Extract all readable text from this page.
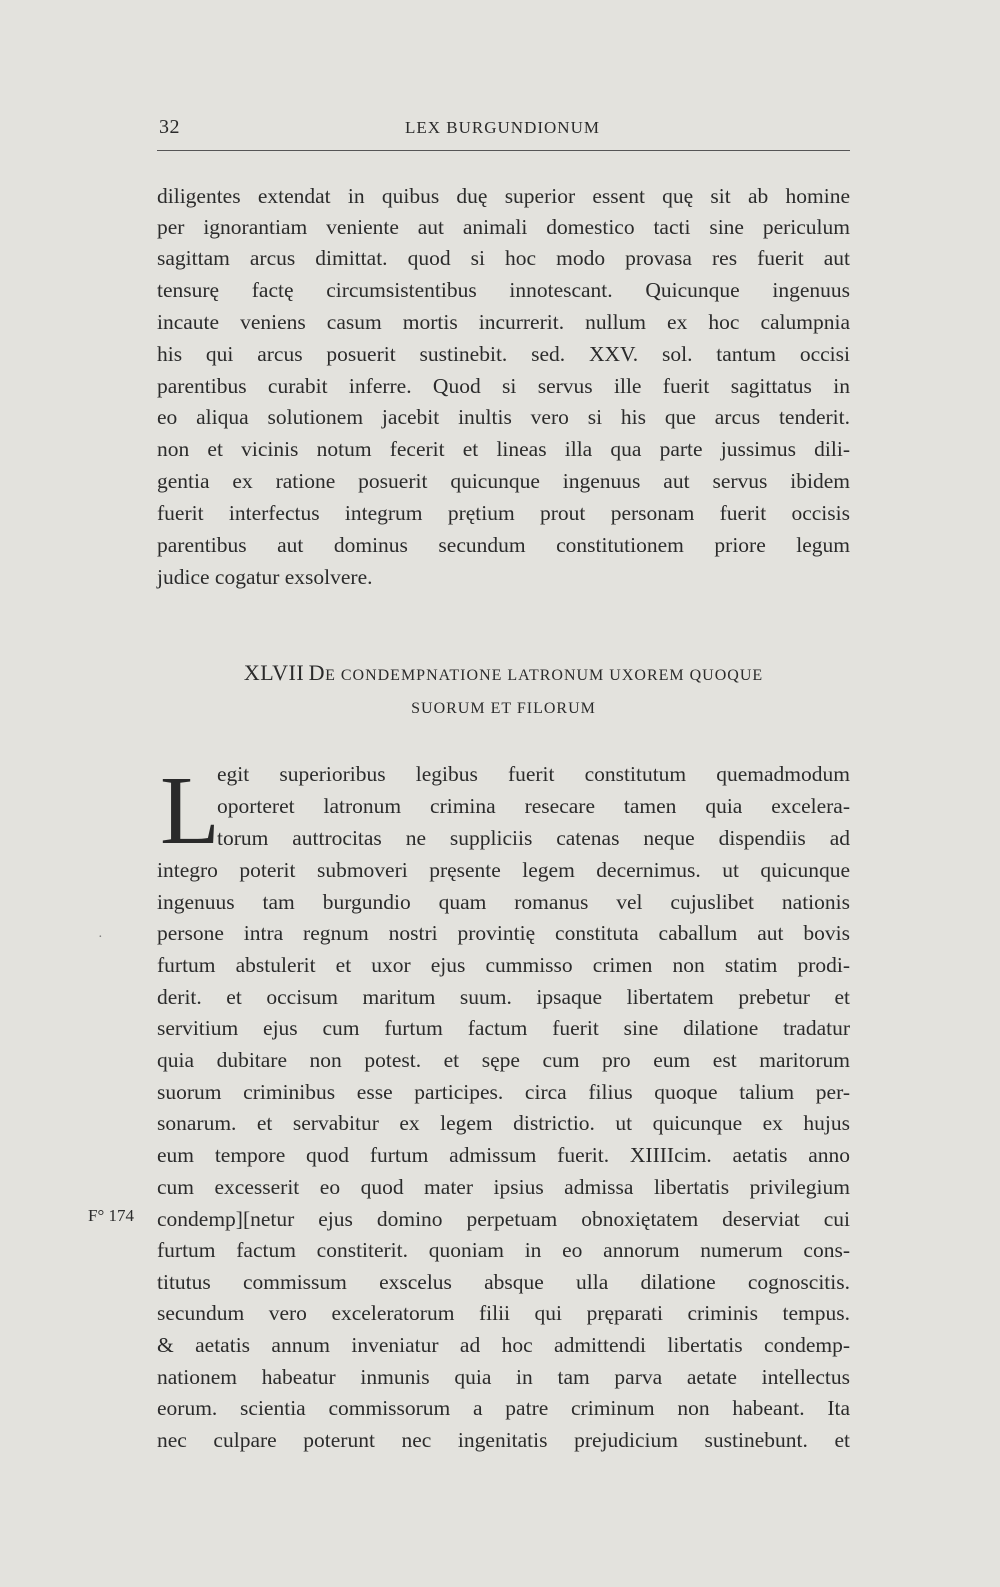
32	LEX BURGUNDIONUM
diligentes extendat in quibus duę superior essent quę sit ab homine
per ignorantiam veniente aut animali domestico tacti sine periculum
sagittam arcus dimittat. quod si hoc modo provasa res fuerit aut
tensurę factę circumsistentibus innotescant. Quicunque ingenuus
incaute veniens casum mortis incurrerit. nullum ex hoc calumpnia
his qui arcus posuerit sustinebit. sed. XXV. sol. tantum occisi
parentibus curabit inferre. Quod si servus ille fuerit sagittatus in
eo aliqua solutionem jacebit inultis vero si his que arcus tenderit.
non et vicinis notum fecerit et lineas illa qua parte jussimus dili-
gentia ex ratione posuerit quicunque ingenuus aut servus ibidem
fuerit interfectus integrum prętium prout personam fuerit occisis
parentibus aut dominus secundum constitutionem priore legum
judice cogatur exsolvere.
XLVII DE CONDEMPNATIONE LATRONUM UXOREM QUOQUE
SUORUM ET FILORUM
L
egit superioribus legibus fuerit constitutum quemadmodum
oporteret latronum crimina resecare tamen quia excelera-
torum auttrocitas ne suppliciis catenas neque dispendiis ad
integro poterit submoveri pręsente legem decernimus. ut quicunque
ingenuus tam burgundio quam romanus vel cujuslibet nationis
persone intra regnum nostri provintię constituta caballum aut bovis
furtum abstulerit et uxor ejus cummisso crimen non statim prodi-
derit. et occisum maritum suum. ipsaque libertatem prebetur et
servitium ejus cum furtum factum fuerit sine dilatione tradatur
quia dubitare non potest. et sępe cum pro eum est maritorum
suorum criminibus esse participes. circa filius quoque talium per-
sonarum. et servabitur ex legem districtio. ut quicunque ex hujus
eum tempore quod furtum admissum fuerit. XIIIIcim. aetatis anno
cum excesserit eo quod mater ipsius admissa libertatis privilegium
condemp][netur ejus domino perpetuam obnoxiętatem deserviat cui
furtum factum constiterit. quoniam in eo annorum numerum cons-
titutus commissum exscelus absque ulla dilatione cognoscitis.
secundum vero exceleratorum filii qui pręparati criminis tempus.
& aetatis annum inveniatur ad hoc admittendi libertatis condemp-
nationem habeatur inmunis quia in tam parva aetate intellectus
eorum. scientia commissorum a patre criminum non habeant. Ita
nec culpare poterunt nec ingenitatis prejudicium sustinebunt. et
F° 174
·
